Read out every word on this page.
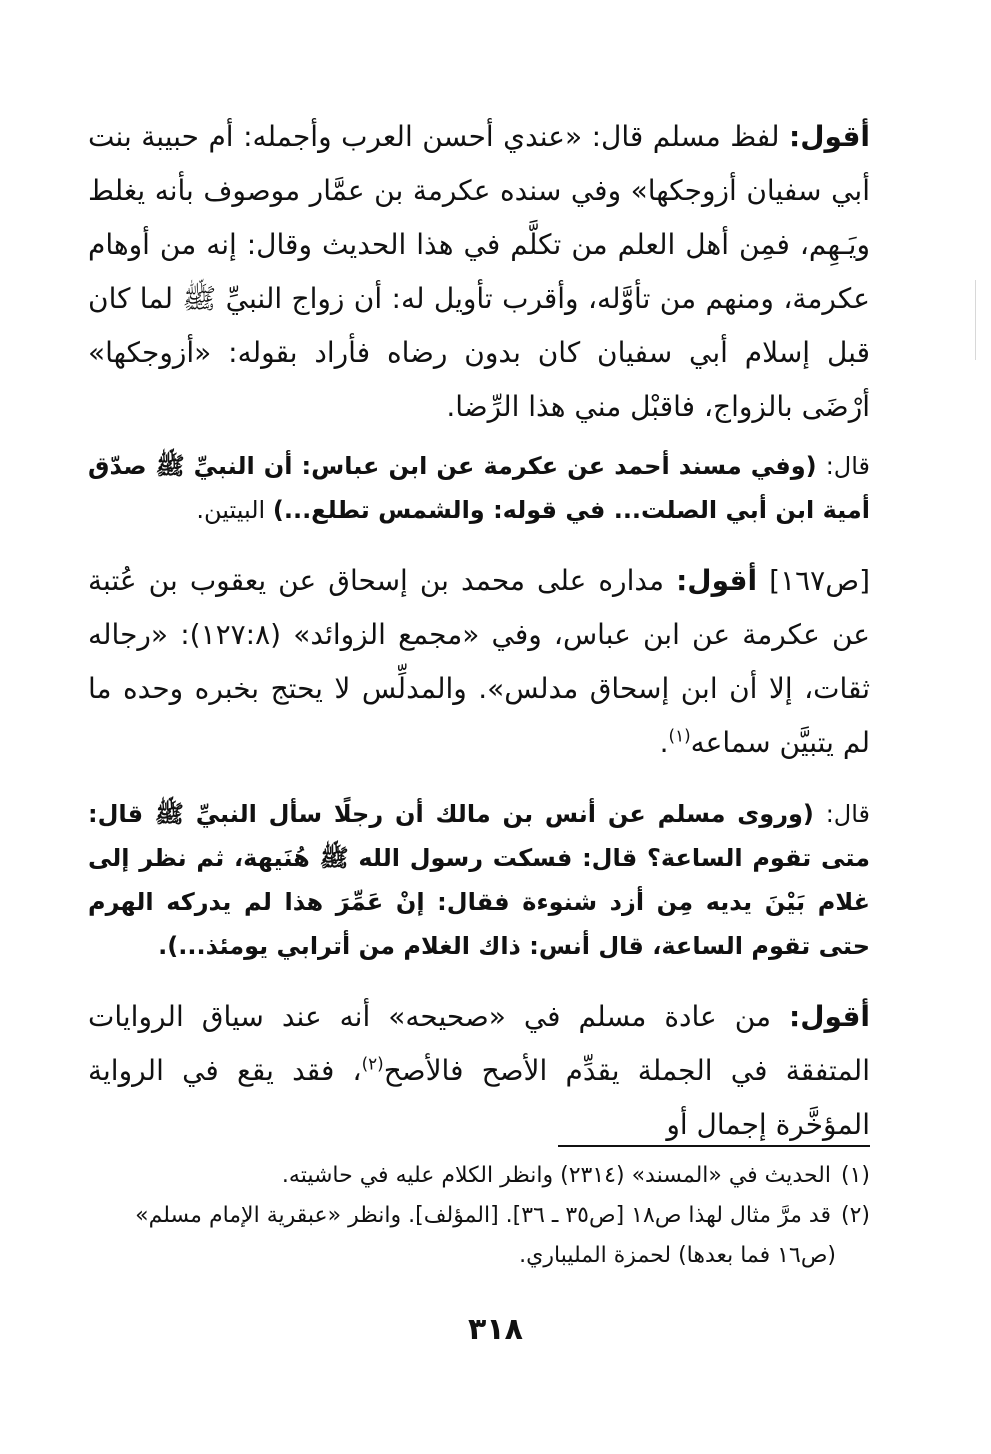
أقول: لفظ مسلم قال: «عندي أحسن العرب وأجمله: أم حبيبة بنت أبي سفيان أزوجكها» وفي سنده عكرمة بن عمَّار موصوف بأنه يغلط ويَـهِم، فمِن أهل العلم من تكلَّم في هذا الحديث وقال: إنه من أوهام عكرمة، ومنهم من تأوَّله، وأقرب تأويل له: أن زواج النبيِّ ﷺ لما كان قبل إسلام أبي سفيان كان بدون رضاه فأراد بقوله: «أزوجكها» أرْضَى بالزواج، فاقبْل مني هذا الرِّضا.

قال: (وفي مسند أحمد عن عكرمة عن ابن عباس: أن النبيِّ ﷺ صدّق أمية ابن أبي الصلت... في قوله: والشمس تطلع...) البيتين.

[ص١٦٧] أقول: مداره على محمد بن إسحاق عن يعقوب بن عُتبة عن عكرمة عن ابن عباس، وفي «مجمع الزوائد» (١٢٧:٨): «رجاله ثقات، إلا أن ابن إسحاق مدلس». والمدلِّس لا يحتج بخبره وحده ما لم يتبيَّن سماعه$^{(١)}$.

قال: (وروى مسلم عن أنس بن مالك أن رجلًا سأل النبيِّ ﷺ قال: متى تقوم الساعة؟ قال: فسكت رسول الله ﷺ هُنَيهة، ثم نظر إلى غلام بَيْنَ يديه مِن أزد شنوءة فقال: إنْ عَمِّرَ هذا لم يدركه الهرم حتى تقوم الساعة، قال أنس: ذاك الغلام من أترابي يومئذ...).

أقول: من عادة مسلم في «صحيحه» أنه عند سياق الروايات المتفقة في الجملة يقدِّم الأصح فالأصح$^{(٢)}$، فقد يقع في الرواية المؤخَّرة إجمال أو

(١)الحديث في «المسند» (٢٣١٤) وانظر الكلام عليه في حاشيته.

(٢)قد مرَّ مثال لهذا ص١٨ [ص٣٥ ـ ٣٦]. [المؤلف]. وانظر «عبقرية الإمام مسلم»
(ص١٦ فما بعدها) لحمزة المليباري.

٣١٨
